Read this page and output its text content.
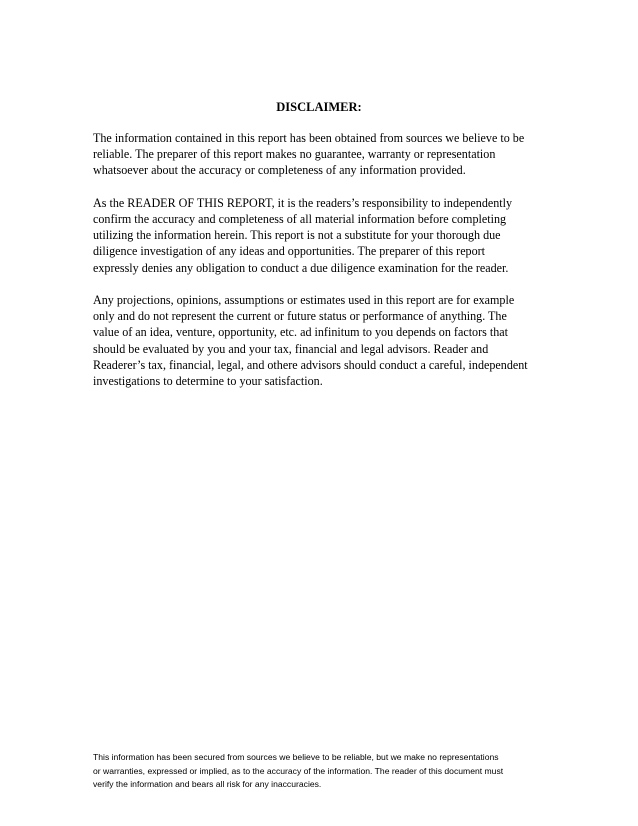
DISCLAIMER:

The information contained in this report has been obtained from sources we believe to be
reliable. The preparer of this report makes no guarantee, warranty or representation
whatsoever about the accuracy or completeness of any information provided.

As the READER OF THIS REPORT, it is the readers’s responsibility to independently
confirm the accuracy and completeness of all material information before completing
utilizing the information herein. This report is not a substitute for your thorough due
diligence investigation of any ideas and opportunities. The preparer of this report
expressly denies any obligation to conduct a due diligence examination for the reader.

Any projections, opinions, assumptions or estimates used in this report are for example
only and do not represent the current or future status or performance of anything. The
value of an idea, venture, opportunity, etc. ad infinitum to you depends on factors that
should be evaluated by you and your tax, financial and legal advisors. Reader and
Readerer’s tax, financial, legal, and othere advisors should conduct a careful, independent
investigations to determine to your satisfaction.

This information has been secured from sources we believe to be reliable, but we make no representations
or warranties, expressed or implied, as to the accuracy of the information. The reader of this document must
verify the information and bears all risk for any inaccuracies.
